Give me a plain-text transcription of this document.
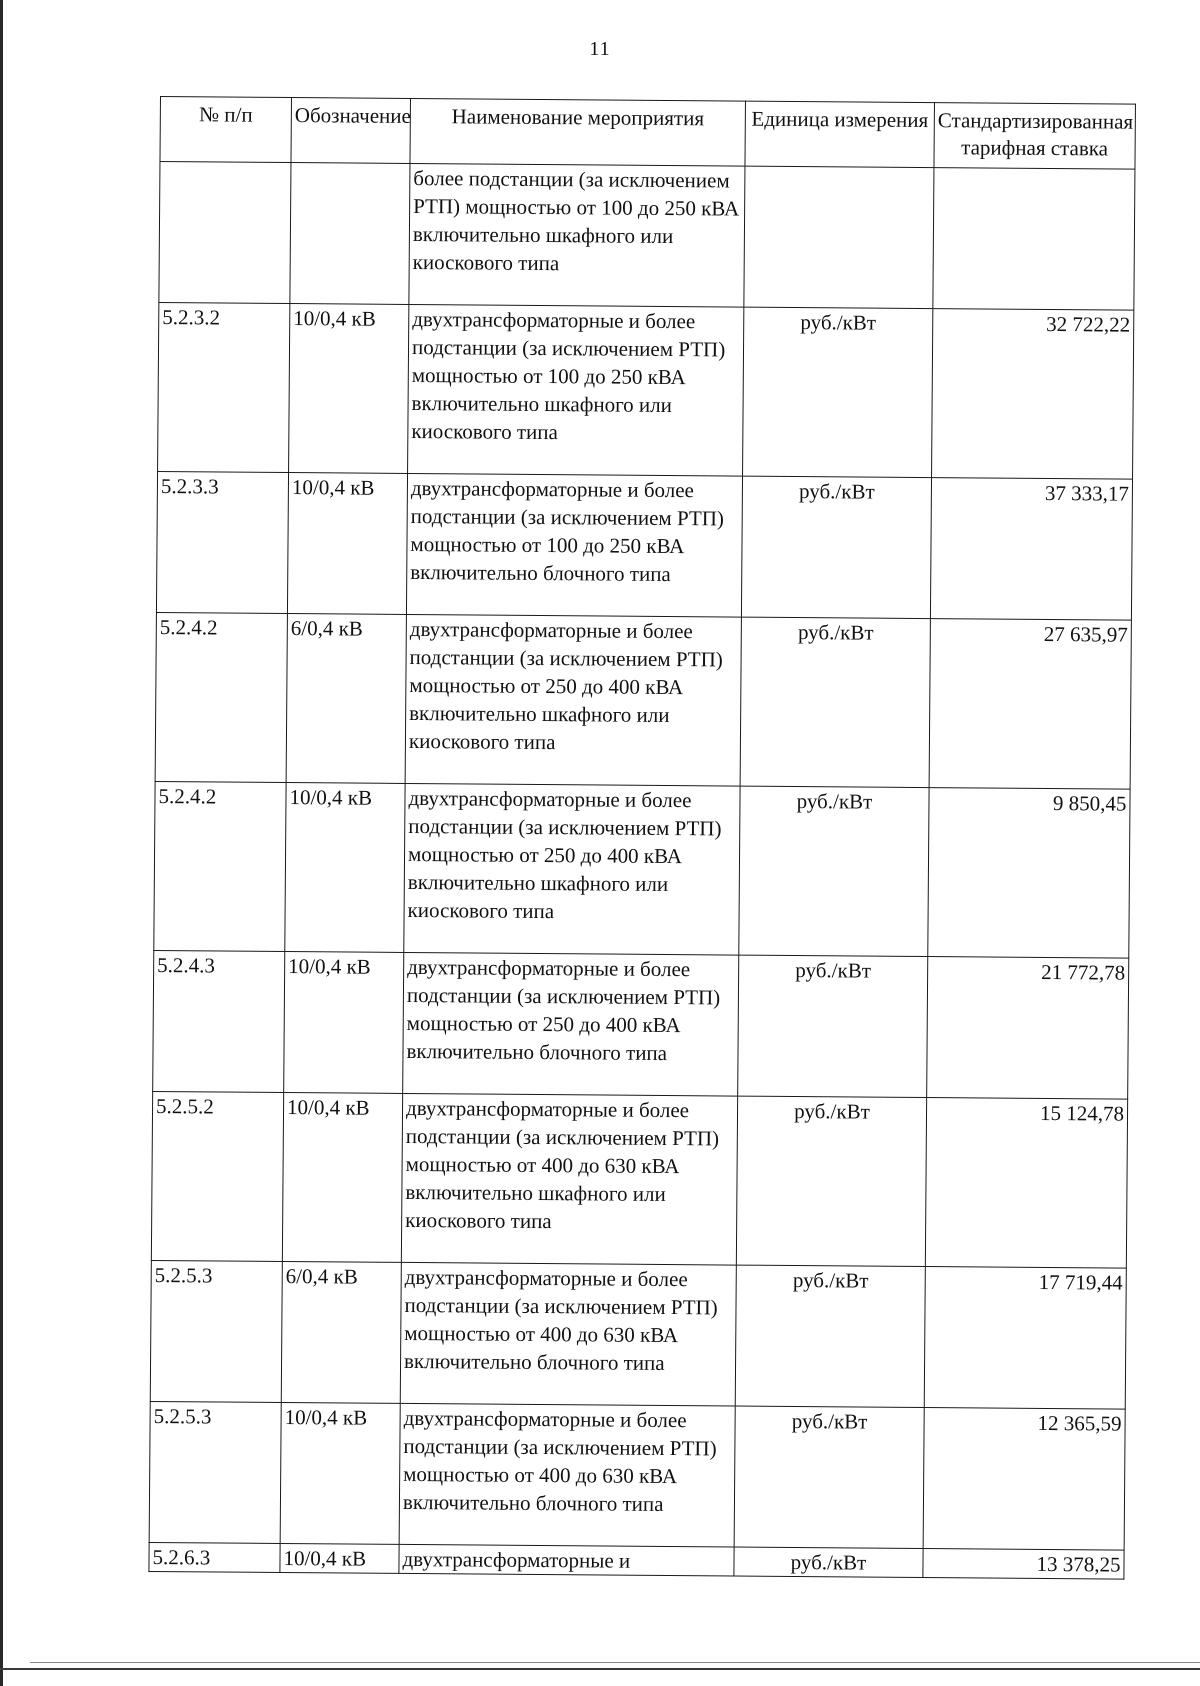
11
№ п/п	Обозначение	Наименование мероприятия	Единица измерения	Стандартизированная тарифная ставка
		более подстанции (за исключением РТП) мощностью от 100 до 250 кВА включительно шкафного или киоскового типа		
5.2.3.2	10/0,4 кВ	двухтрансформаторные и более подстанции (за исключением РТП) мощностью от 100 до 250 кВА включительно шкафного или киоскового типа	руб./кВт	32 722,22
5.2.3.3	10/0,4 кВ	двухтрансформаторные и более подстанции (за исключением РТП) мощностью от 100 до 250 кВА включительно блочного типа	руб./кВт	37 333,17
5.2.4.2	6/0,4 кВ	двухтрансформаторные и более подстанции (за исключением РТП) мощностью от 250 до 400 кВА включительно шкафного или киоскового типа	руб./кВт	27 635,97
5.2.4.2	10/0,4 кВ	двухтрансформаторные и более подстанции (за исключением РТП) мощностью от 250 до 400 кВА включительно шкафного или киоскового типа	руб./кВт	9 850,45
5.2.4.3	10/0,4 кВ	двухтрансформаторные и более подстанции (за исключением РТП) мощностью от 250 до 400 кВА включительно блочного типа	руб./кВт	21 772,78
5.2.5.2	10/0,4 кВ	двухтрансформаторные и более подстанции (за исключением РТП) мощностью от 400 до 630 кВА включительно шкафного или киоскового типа	руб./кВт	15 124,78
5.2.5.3	6/0,4 кВ	двухтрансформаторные и более подстанции (за исключением РТП) мощностью от 400 до 630 кВА включительно блочного типа	руб./кВт	17 719,44
5.2.5.3	10/0,4 кВ	двухтрансформаторные и более подстанции (за исключением РТП) мощностью от 400 до 630 кВА включительно блочного типа	руб./кВт	12 365,59
5.2.6.3	10/0,4 кВ	двухтрансформаторные и	руб./кВт	13 378,25
